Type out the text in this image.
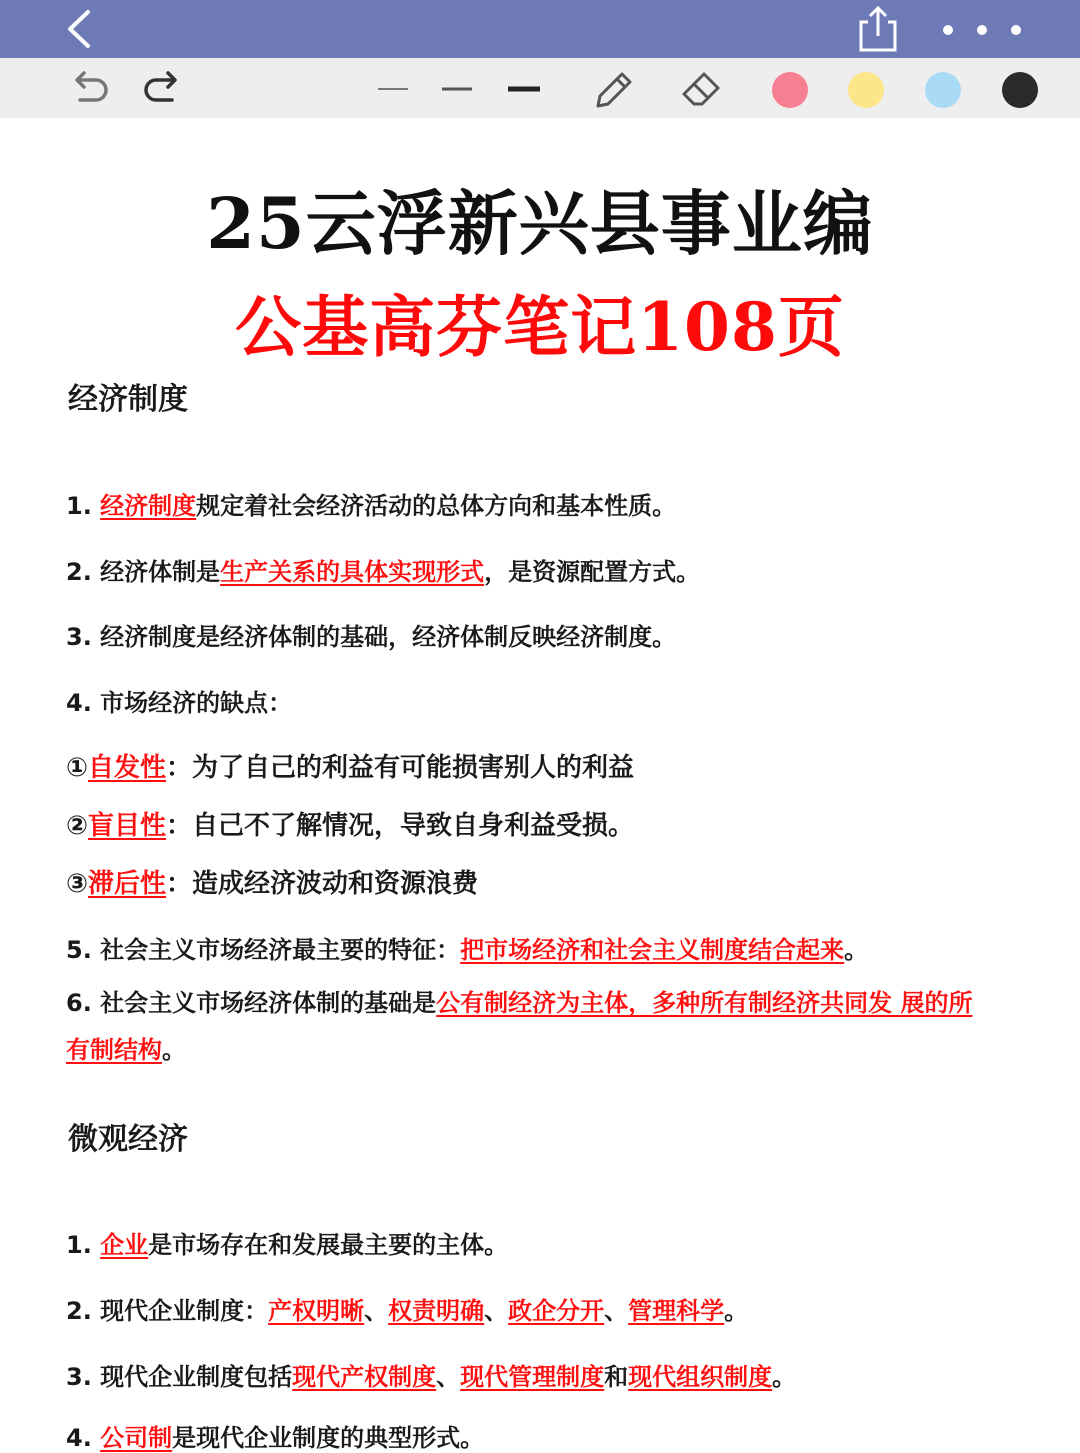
25云浮新兴县事业编
公基高芬笔记108页
经济制度
1. 经济制度规定着社会经济活动的总体方向和基本性质。
2. 经济体制是生产关系的具体实现形式，是资源配置方式。
3. 经济制度是经济体制的基础，经济体制反映经济制度。
4. 市场经济的缺点：
①自发性：为了自己的利益有可能损害别人的利益
②盲目性：自己不了解情况，导致自身利益受损。
③滞后性：造成经济波动和资源浪费
5. 社会主义市场经济最主要的特征：把市场经济和社会主义制度结合起来。
6. 社会主义市场经济体制的基础是公有制经济为主体，多种所有制经济共同发 展的所
有制结构。
微观经济
1. 企业是市场存在和发展最主要的主体。
2. 现代企业制度：产权明晰、权责明确、政企分开、管理科学。
3. 现代企业制度包括现代产权制度、现代管理制度和现代组织制度。
4. 公司制是现代企业制度的典型形式。
